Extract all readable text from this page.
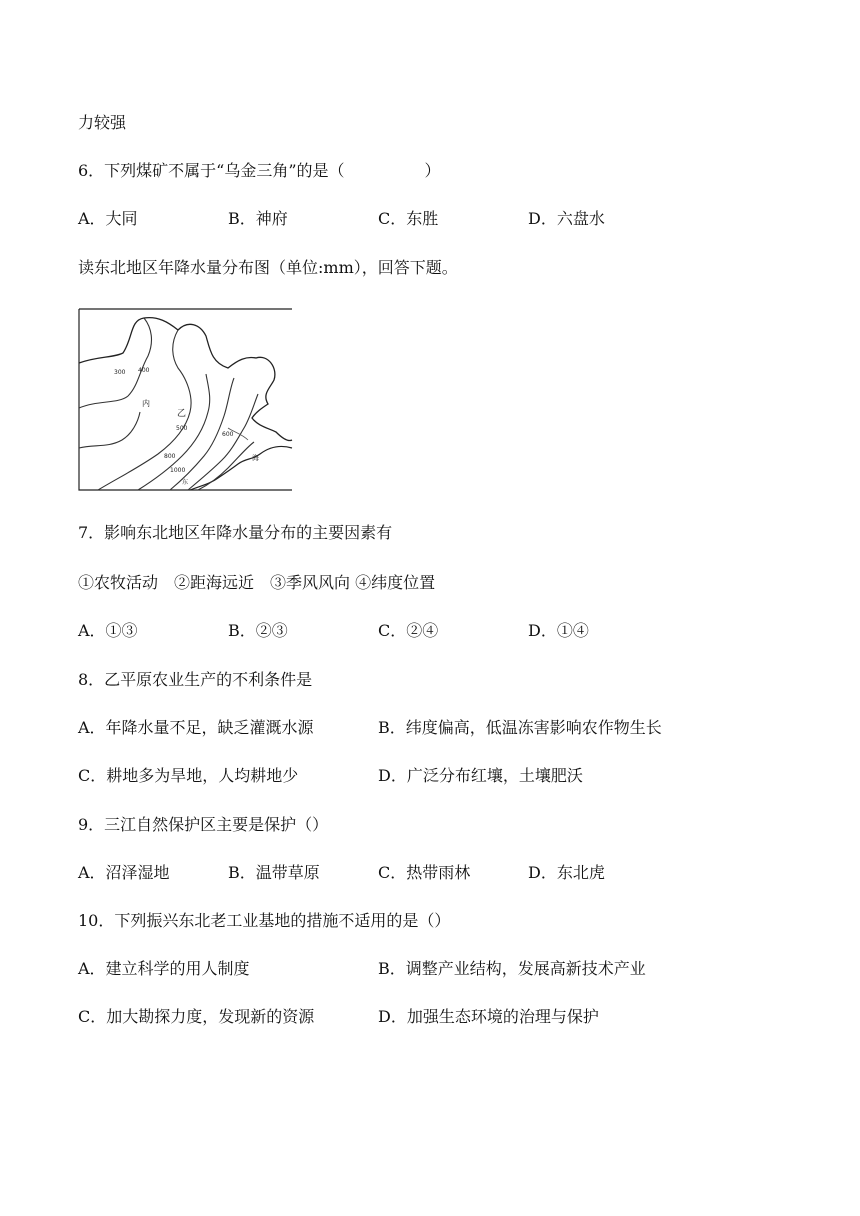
力较强
6．下列煤矿不属于“乌金三角”的是（　　　　　）
A．大同	B．神府	C．东胜	D．六盘水
读东北地区年降水量分布图（单位:mm），回答下题。
300 400
乙
内
500
600
800
1000
海
东
7．影响东北地区年降水量分布的主要因素有
①农牧活动　②距海远近　③季风风向 ④纬度位置
A．①③	B．②③	C．②④	D．①④
8．乙平原农业生产的不利条件是
A．年降水量不足，缺乏灌溉水源	B．纬度偏高，低温冻害影响农作物生长
C．耕地多为旱地，人均耕地少	D．广泛分布红壤，土壤肥沃
9．三江自然保护区主要是保护（）
A．沼泽湿地	B．温带草原	C．热带雨林	D．东北虎
10．下列振兴东北老工业基地的措施不适用的是（）
A．建立科学的用人制度	B．调整产业结构，发展高新技术产业
C．加大勘探力度，发现新的资源	D．加强生态环境的治理与保护
